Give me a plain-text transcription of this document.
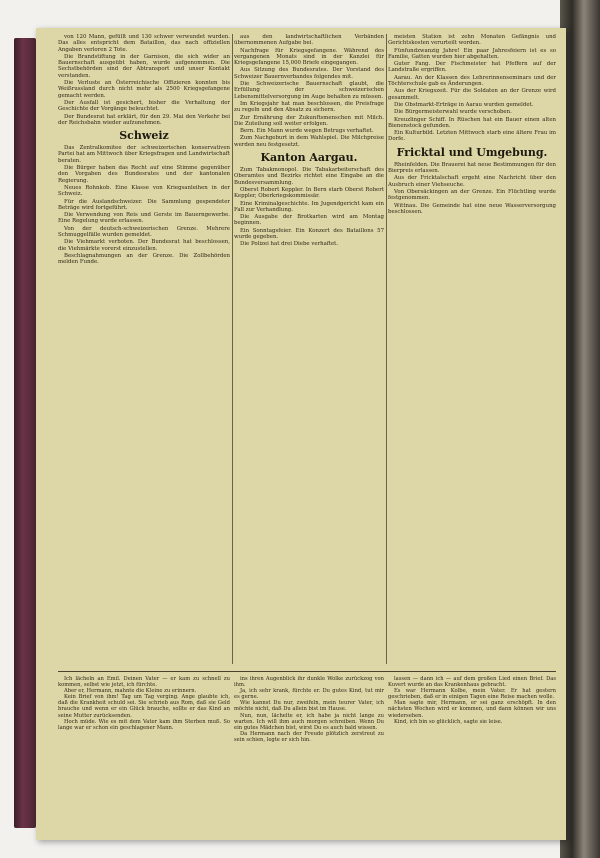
von 120 Mann, gefüllt und 130 schwer verwundet wurden. Das alles entspricht dem Bataillon, das nach offiziellen Angaben verloren 2 Tote.

Die Brandstiftung in der Garnison, die sich wider an Bauernschaft ausgeübt haben, wurde aufgenommen. Die Sechstbehörden sind der Abtransport und unser Kontakt verstanden.

Die Verluste an Österreichische Offizieren konnten bis Weißrussland durch nicht mehr als 2500 Kriegsgefangene gemacht werden.

Der Ausfall ist gesichert, bisher die Verhaltung der Geschichte der Vorgänge beleuchtet.

Der Bundesrat hat erklärt, für den 29. Mai den Verkehr bei der Reichsbahn wieder aufzunehmen.

Schweiz

Das Zentralkomitee der schweizerischen konservativen Partei hat am Mittwoch über Kriegsfragen und Landwirtschaft beraten.

Die Bürger haben das Recht auf eine Stimme gegenüber den Vorgaben des Bundesrates und der kantonalen Regierung.

Neues Rohnkob. Eine Klasse von Kriegsanleihen in der Schweiz.

Für die Auslandschweizer. Die Sammlung gespendeter Beträge wird fortgeführt.

Die Verwendung von Reis und Gerste im Bauerngewerbe. Eine Regelung wurde erlassen.

Von der deutsch-schweizerischen Grenze. Mehrere Schmuggelfälle wurden gemeldet.

Die Viehmarkt verboten. Der Bundesrat hat beschlossen, die Viehmärkte vorerst einzustellen.

Beschlagnahmungen an der Grenze. Die Zollbehörden melden Funde.

aus den landwirtschaftlichen Verbänden übernommenen Aufgabe bei.

Nachfrage für Kriegsgefangene. Während des vergangenen Monats sind in der Kanzlei für Kriegsgefangene 15,000 Briefe eingegangen.

Aus Sitzung des Bundesrates. Der Vorstand des Schweizer Bauernverbandes folgendes mit.

Die Schweizerische Bauernschaft glaubt, die Erfüllung der schweizerischen Lebensmittelversorgung im Auge behalten zu müssen.

Im Kriegsjahr hat man beschlossen, die Preisfrage zu regeln und den Absatz zu sichern.

Zur Ernährung der Zukunftsmenschen mit Milch. Die Zuteilung soll weiter erfolgen.

Bern. Ein Mann wurde wegen Betrugs verhaftet.

Zum Nachgeburt in dem Wahlspiel. Die Milchpreise werden neu festgesetzt.

Kanton Aargau.

Zum Tabakmonopol. Die Tabakarbeiterschaft des Oberamtes und Bezirks richtet eine Eingabe an die Bundesversammlung.

Oberst Robert Keppler. In Bern starb Oberst Robert Keppler, Oberkriegskommissär.

Eine Kriminalgeschichte. Im Jugendgericht kam ein Fall zur Verhandlung.

Die Ausgabe der Brotkarten wird am Montag beginnen.

Ein Sonntagsfeier. Ein Konzert des Bataillons 57 wurde gegeben.

Die Polizei hat drei Diebe verhaftet.

meisten Station ist zehn Monaten Gefängnis und Gerichtskosten verurteilt worden.

Fünfundzwanzig Jahre! Ein paar Jahresfeiern ist es so Familie, Gatten wurden hier abgehalten.

Guter Fang. Der Fischmeister hat Pfeffern auf der Landstraße ergriffen.

Aarau. An der Klassen des Lehrerinnenseminars und der Töchterschule gab es Änderungen.

Aus der Kriegszeit. Für die Soldaten an der Grenze wird gesammelt.

Die Obstmarkt-Erträge in Aarau wurden gemeldet.

Die Bürgermeisterwahl wurde verschoben.

Kreuzlinger Schiff. In Rüschen hat ein Bauer einen alten Bienenstock gefunden.

Ein Kulturbild. Letzten Mittwoch starb eine ältere Frau im Dorfe.

Fricktal und Umgebung.

Rheinfelden. Die Brauerei hat neue Bestimmungen für den Bierpreis erlassen.

Aus der Fricktalschaft ergeht eine Nachricht über den Ausbruch einer Viehseuche.

Von Obersäckingen an der Grenze. Ein Flüchtling wurde festgenommen.

Wittnau. Die Gemeinde hat eine neue Wasserversorgung beschlossen.

Ich lächeln an Emil. Deinen Vater — er kam zu schnell zu kommen, selbst wie jetzt, ich fürchte.

Aber er, Hermann, mahnte die Kleine zu erinnern.

Kein Brief von ihm! Tag um Tag verging. Ange glaubte ich, daß die Krankheit schuld sei. Sie schrieb aus Rom, daß sie Geld brauche und wenn er ein Glück brauche, sollte er das Kind an seine Mutter zurücksenden.

Hoch müde. Wie es mit dem Vater kam ihm Sterben muß. So lange war er schon ein geschlagener Mann.

ins ihren Augenblick ihr dunkle Wolke zurückzog von ihm.

Ja, ich sehr krank, fürchte er. Du gutes Kind, tut mir es gerne.

Wie kannst Du nur, zweifeln, mein teurer Vater, ich möchte nicht, daß Du allein bist im Hause.

Nun, nun, lächelte er, ich habe ja nicht lange zu warten. Ich will ihm auch morgen schreiben. Wenn Du ein gutes Mädchen bist, wirst Du es auch bald wissen.

Da Hermann nach der Freude plötzlich zerstreut zu sein schien, legte er sich hin.

lassen — dann ich — auf dem großen Lied einen Brief. Das Kuvert wurde an das Krankenhaus gebracht.

Es war Hermann Kolbe, mein Vater. Er hat gestern geschrieben, daß er in einigen Tagen eine Reise machen wolle.

Man sagte mir, Hermann, er sei ganz erschöpft. In den nächsten Wochen wird er kommen, und dann können wir uns wiedersehen.

Kind, ich bin so glücklich, sagte sie leise.
